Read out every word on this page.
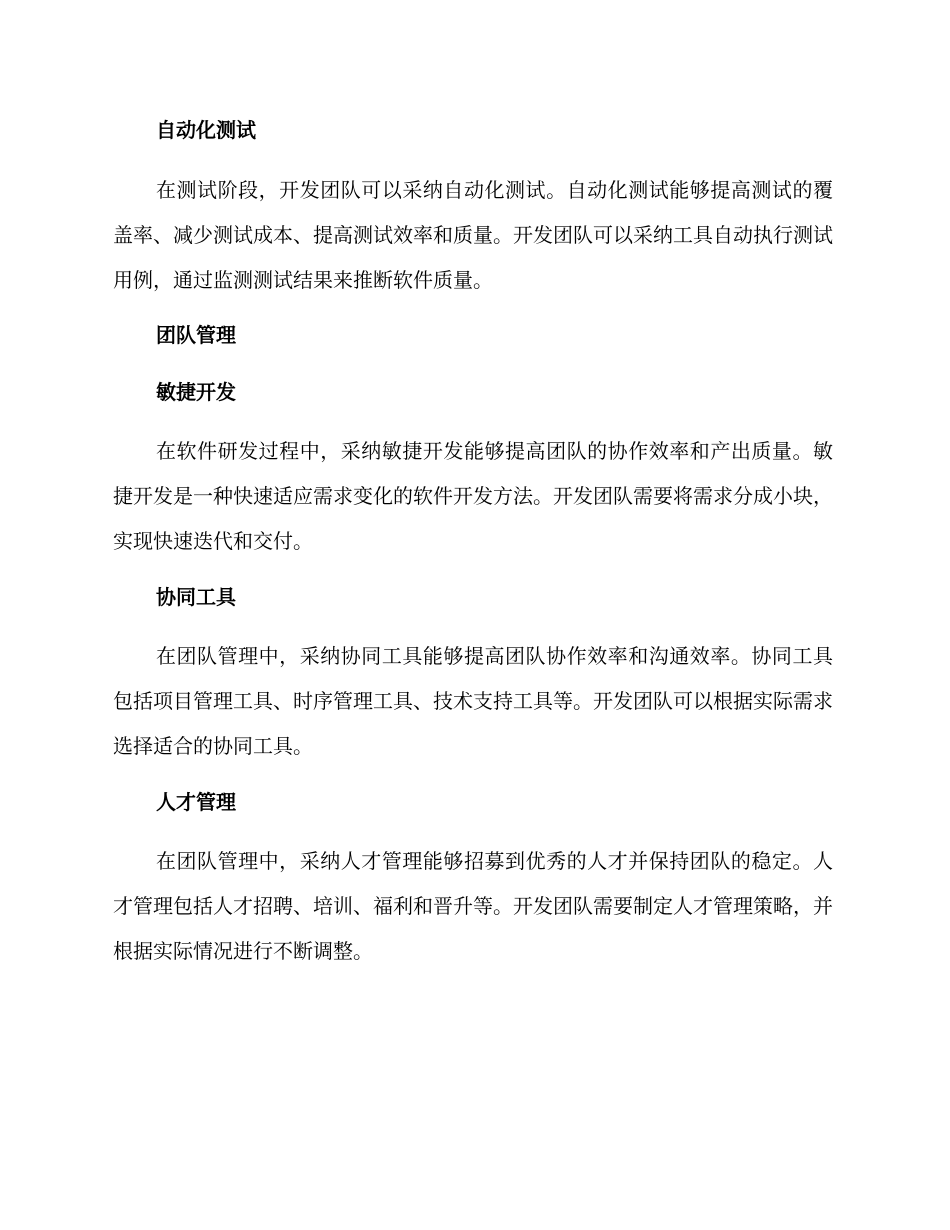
自动化测试

在测试阶段，开发团队可以采纳自动化测试。自动化测试能够提高测试的覆盖率、减少测试成本、提高测试效率和质量。开发团队可以采纳工具自动执行测试用例，通过监测测试结果来推断软件质量。

团队管理
敏捷开发

在软件研发过程中，采纳敏捷开发能够提高团队的协作效率和产出质量。敏捷开发是一种快速适应需求变化的软件开发方法。开发团队需要将需求分成小块，实现快速迭代和交付。

协同工具

在团队管理中，采纳协同工具能够提高团队协作效率和沟通效率。协同工具包括项目管理工具、时序管理工具、技术支持工具等。开发团队可以根据实际需求选择适合的协同工具。

人才管理

在团队管理中，采纳人才管理能够招募到优秀的人才并保持团队的稳定。人才管理包括人才招聘、培训、福利和晋升等。开发团队需要制定人才管理策略，并根据实际情况进行不断调整。
